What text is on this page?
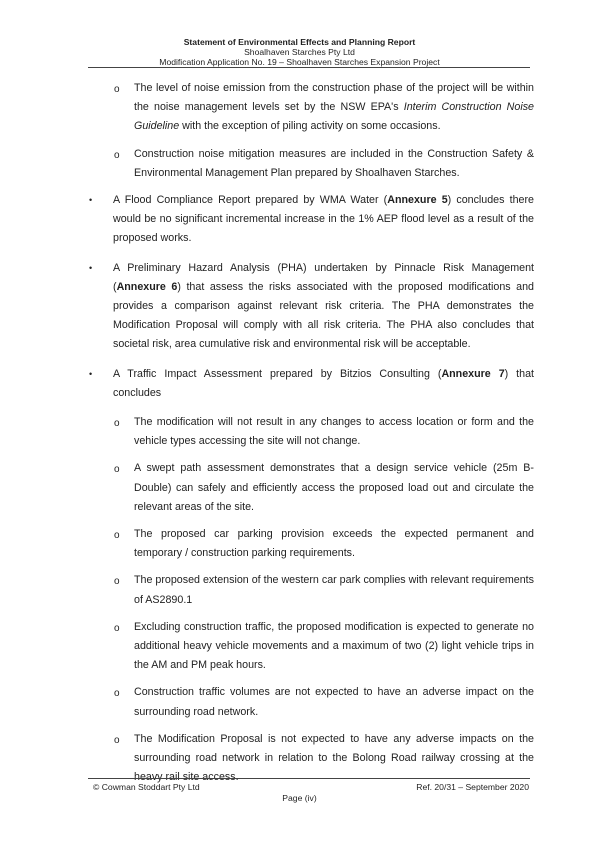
Statement of Environmental Effects and Planning Report
Shoalhaven Starches Pty Ltd
Modification Application No. 19 – Shoalhaven Starches Expansion Project
o The level of noise emission from the construction phase of the project will be within the noise management levels set by the NSW EPA's Interim Construction Noise Guideline with the exception of piling activity on some occasions.
o Construction noise mitigation measures are included in the Construction Safety & Environmental Management Plan prepared by Shoalhaven Starches.
• A Flood Compliance Report prepared by WMA Water (Annexure 5) concludes there would be no significant incremental increase in the 1% AEP flood level as a result of the proposed works.
• A Preliminary Hazard Analysis (PHA) undertaken by Pinnacle Risk Management (Annexure 6) that assess the risks associated with the proposed modifications and provides a comparison against relevant risk criteria. The PHA demonstrates the Modification Proposal will comply with all risk criteria. The PHA also concludes that societal risk, area cumulative risk and environmental risk will be acceptable.
• A Traffic Impact Assessment prepared by Bitzios Consulting (Annexure 7) that concludes
o The modification will not result in any changes to access location or form and the vehicle types accessing the site will not change.
o A swept path assessment demonstrates that a design service vehicle (25m B-Double) can safely and efficiently access the proposed load out and circulate the relevant areas of the site.
o The proposed car parking provision exceeds the expected permanent and temporary / construction parking requirements.
o The proposed extension of the western car park complies with relevant requirements of AS2890.1
o Excluding construction traffic, the proposed modification is expected to generate no additional heavy vehicle movements and a maximum of two (2) light vehicle trips in the AM and PM peak hours.
o Construction traffic volumes are not expected to have an adverse impact on the surrounding road network.
o The Modification Proposal is not expected to have any adverse impacts on the surrounding road network in relation to the Bolong Road railway crossing at the heavy rail site access.
© Cowman Stoddart Pty Ltd	Ref. 20/31 – September 2020
Page (iv)
